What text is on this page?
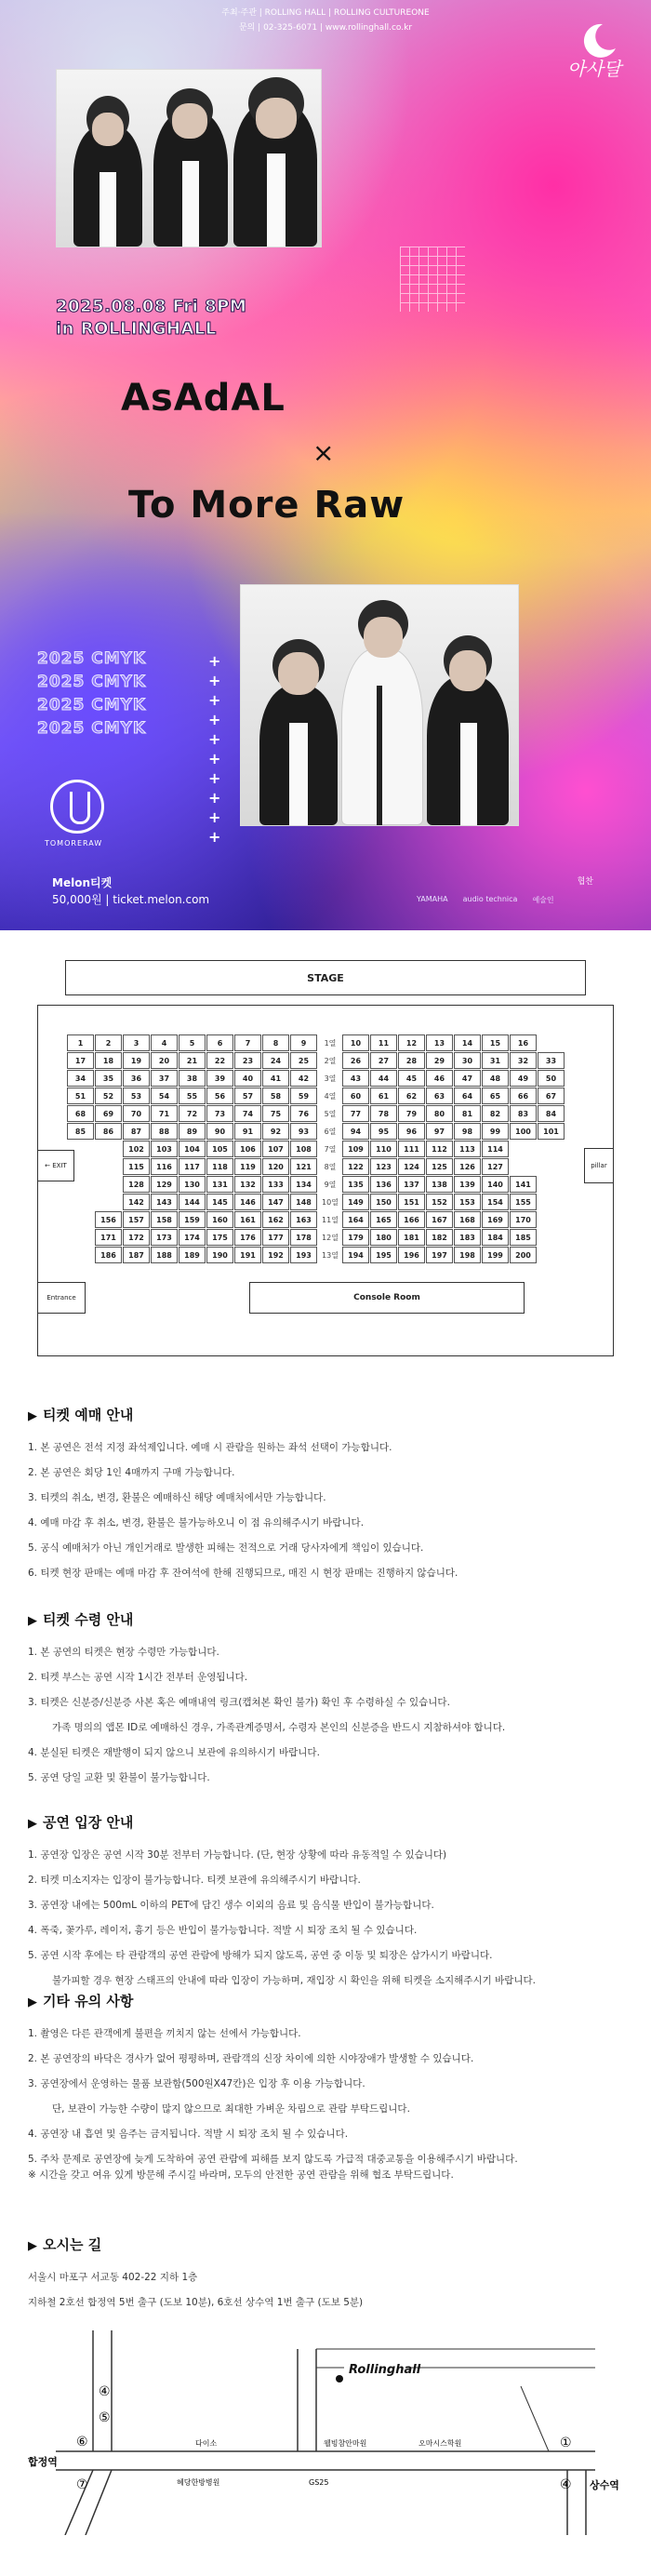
주최·주관 | ROLLING HALL | ROLLING CULTUREONE
문의 | 02-325-6071 | www.rollinghall.co.kr
아사달
2025.08.08 Fri 8PM
in ROLLINGHALL
AsAdAL
×
To More Raw
2025 CMYK
2025 CMYK
2025 CMYK
2025 CMYK
+
+
+
+
+
+
+
+
+
+
TOMORERAW
Melon티켓
50,000원 | ticket.melon.com
협찬
YAMAHA audio technica 예술인
STAGE
← EXIT	pillar
Entrance	Console Room
1	2	3	4	5	6	7	8	9	1열	10	11	12	13	14	15	16
17	18	19	20	21	22	23	24	25	2열	26	27	28	29	30	31	32	33
34	35	36	37	38	39	40	41	42	3열	43	44	45	46	47	48	49	50
51	52	53	54	55	56	57	58	59	4열	60	61	62	63	64	65	66	67
68	69	70	71	72	73	74	75	76	5열	77	78	79	80	81	82	83	84
85	86	87	88	89	90	91	92	93	6열	94	95	96	97	98	99	100	101
102	103	104	105	106	107	108	7열	109	110	111	112	113	114
115	116	117	118	119	120	121	8열	122	123	124	125	126	127
128	129	130	131	132	133	134	9열	135	136	137	138	139	140	141
142	143	144	145	146	147	148	10열	149	150	151	152	153	154	155
156	157	158	159	160	161	162	163	11열	164	165	166	167	168	169	170
171	172	173	174	175	176	177	178	12열	179	180	181	182	183	184	185
186	187	188	189	190	191	192	193	13열	194	195	196	197	198	199	200
▶ 티켓 예매 안내
1. 본 공연은 전석 지정 좌석제입니다. 예매 시 관람을 원하는 좌석 선택이 가능합니다.
2. 본 공연은 회당 1인 4매까지 구매 가능합니다.
3. 티켓의 취소, 변경, 환불은 예매하신 해당 예매처에서만 가능합니다.
4. 예매 마감 후 취소, 변경, 환불은 불가능하오니 이 점 유의해주시기 바랍니다.
5. 공식 예매처가 아닌 개인거래로 발생한 피해는 전적으로 거래 당사자에게 책임이 있습니다.
6. 티켓 현장 판매는 예매 마감 후 잔여석에 한해 진행되므로, 매진 시 현장 판매는 진행하지 않습니다.
▶ 티켓 수령 안내
1. 본 공연의 티켓은 현장 수령만 가능합니다.
2. 티켓 부스는 공연 시작 1시간 전부터 운영됩니다.
3. 티켓은 신분증/신분증 사본 혹은 예매내역 링크(캡쳐본 확인 불가) 확인 후 수령하실 수 있습니다.
가족 명의의 앱몬 ID로 예매하신 경우, 가족관계증명서, 수령자 본인의 신분증을 반드시 지참하셔야 합니다.
4. 분실된 티켓은 재발행이 되지 않으니 보관에 유의하시기 바랍니다.
5. 공연 당일 교환 및 환불이 불가능합니다.
▶ 공연 입장 안내
1. 공연장 입장은 공연 시작 30분 전부터 가능합니다. (단, 현장 상황에 따라 유동적일 수 있습니다)
2. 티켓 미소지자는 입장이 불가능합니다. 티켓 보관에 유의해주시기 바랍니다.
3. 공연장 내에는 500mL 이하의 PET에 담긴 생수 이외의 음료 및 음식물 반입이 불가능합니다.
4. 폭죽, 꽃가루, 레이저, 흉기 등은 반입이 불가능합니다. 적발 시 퇴장 조치 될 수 있습니다.
5. 공연 시작 후에는 타 관람객의 공연 관람에 방해가 되지 않도록, 공연 중 이동 및 퇴장은 삼가시기 바랍니다.
불가피할 경우 현장 스태프의 안내에 따라 입장이 가능하며, 재입장 시 확인을 위해 티켓을 소지해주시기 바랍니다.
▶ 기타 유의 사항
1. 촬영은 다른 관객에게 불편을 끼치지 않는 선에서 가능합니다.
2. 본 공연장의 바닥은 경사가 없어 평평하며, 관람객의 신장 차이에 의한 시야장애가 발생할 수 있습니다.
3. 공연장에서 운영하는 물품 보관함(500원X47칸)은 입장 후 이용 가능합니다.
단, 보관이 가능한 수량이 많지 않으므로 최대한 가벼운 차림으로 관람 부탁드립니다.
4. 공연장 내 흡연 및 음주는 금지됩니다. 적발 시 퇴장 조치 될 수 있습니다.
5. 주차 문제로 공연장에 늦게 도착하여 공연 관람에 피해를 보지 않도록 가급적 대중교통을 이용해주시기 바랍니다.
※ 시간을 갖고 여유 있게 방문해 주시길 바라며, 모두의 안전한 공연 관람을 위해 협조 부탁드립니다.
▶ 오시는 길
서울시 마포구 서교동 402-22 지하 1층
지하철 2호선 합정역 5번 출구 (도보 10분), 6호선 상수역 1번 출구 (도보 5분)
Rollinghall
④
⑤
⑥
⑦
①
④
합정역
상수역
다이소	웰빙참안마원	오마시스학원
혜당한방병원	GS25
